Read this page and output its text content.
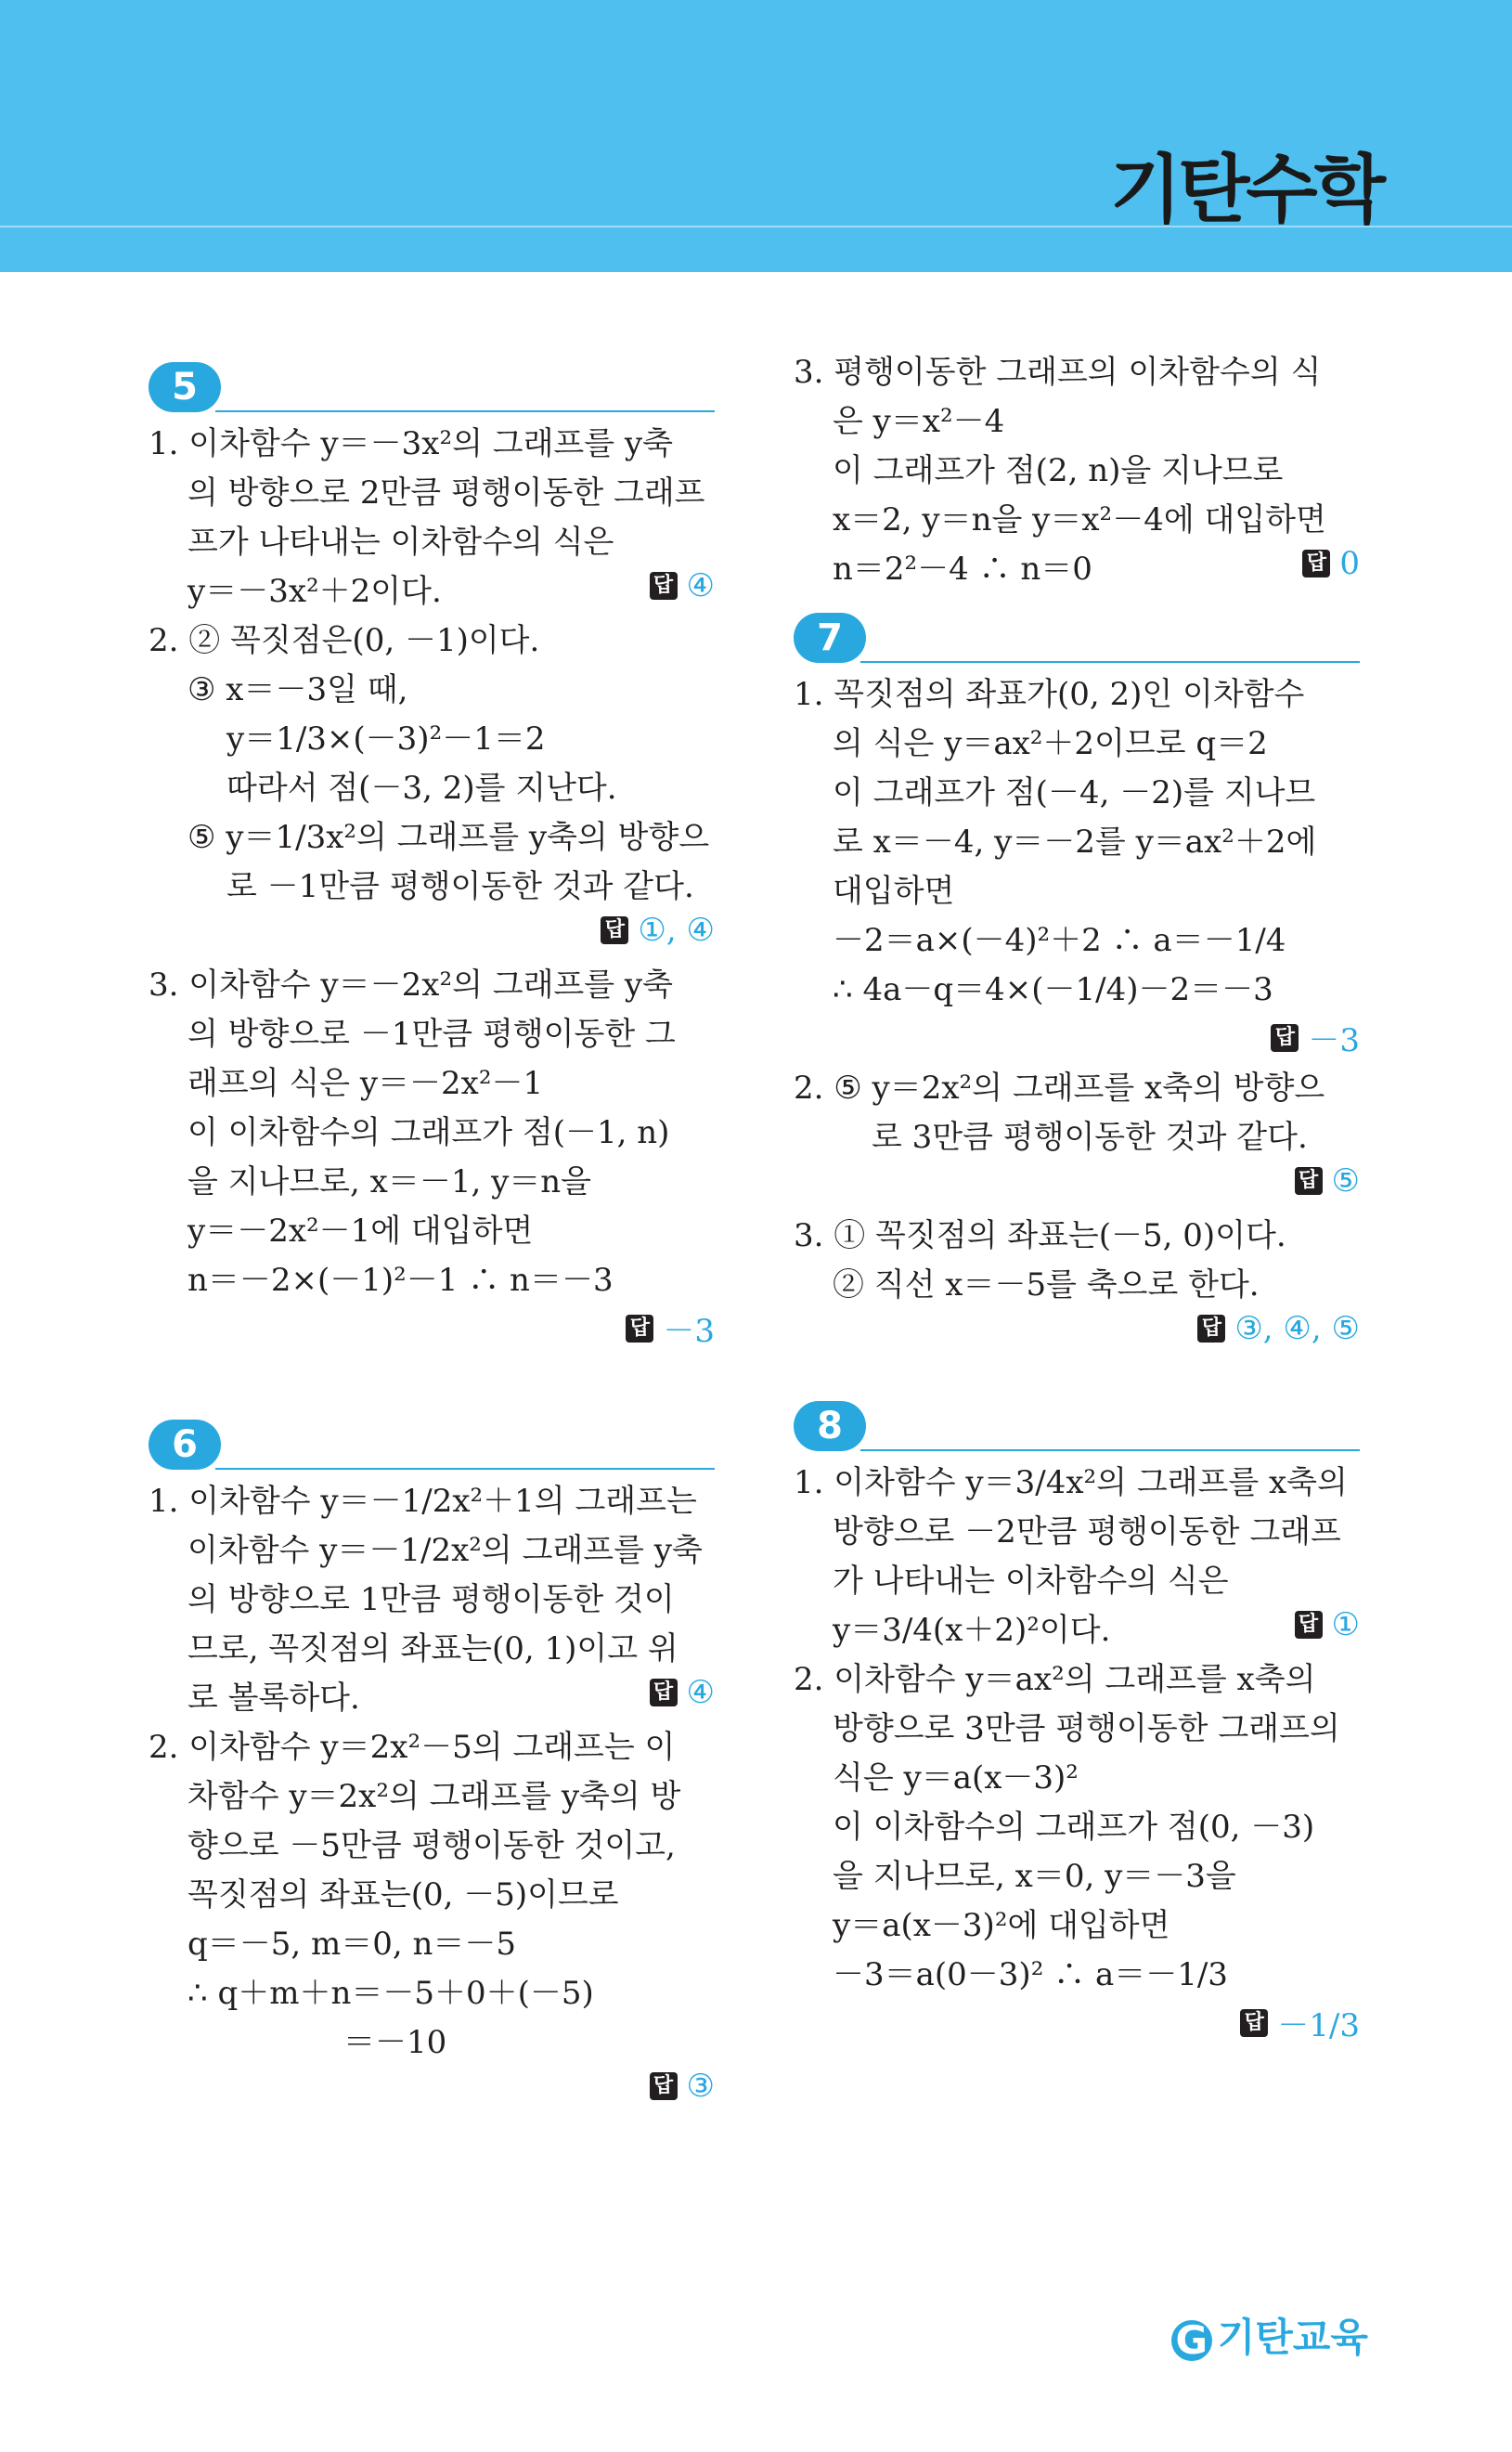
기탄수학
5
1. 이차함수 y＝－3x²의 그래프를 y축
의 방향으로 2만큼 평행이동한 그래프
프가 나타내는 이차함수의 식은
y＝－3x²＋2이다.	답 ④
2. ② 꼭짓점은(0, －1)이다.
③ x＝－3일 때,
y＝1/3×(－3)²－1＝2
따라서 점(－3, 2)를 지난다.
⑤ y＝1/3x²의 그래프를 y축의 방향으
로 －1만큼 평행이동한 것과 같다.
답 ①, ④
3. 이차함수 y＝－2x²의 그래프를 y축
의 방향으로 －1만큼 평행이동한 그
래프의 식은 y＝－2x²－1
이 이차함수의 그래프가 점(－1, n)
을 지나므로, x＝－1, y＝n을
y＝－2x²－1에 대입하면
n＝－2×(－1)²－1 ∴ n＝－3
답 －3
6
1. 이차함수 y＝－1/2x²＋1의 그래프는
이차함수 y＝－1/2x²의 그래프를 y축
의 방향으로 1만큼 평행이동한 것이
므로, 꼭짓점의 좌표는(0, 1)이고 위
로 볼록하다.	답 ④
2. 이차함수 y＝2x²－5의 그래프는 이
차함수 y＝2x²의 그래프를 y축의 방
향으로 －5만큼 평행이동한 것이고,
꼭짓점의 좌표는(0, －5)이므로
q＝－5, m＝0, n＝－5
∴ q＋m＋n＝－5＋0＋(－5)
＝－10
답 ③
3. 평행이동한 그래프의 이차함수의 식
은 y＝x²－4
이 그래프가 점(2, n)을 지나므로
x＝2, y＝n을 y＝x²－4에 대입하면
n＝2²－4 ∴ n＝0	답 0
7
1. 꼭짓점의 좌표가(0, 2)인 이차함수
의 식은 y＝ax²＋2이므로 q＝2
이 그래프가 점(－4, －2)를 지나므
로 x＝－4, y＝－2를 y＝ax²＋2에
대입하면
－2＝a×(－4)²＋2 ∴ a＝－1/4
∴ 4a－q＝4×(－1/4)－2＝－3
답 －3
2. ⑤ y＝2x²의 그래프를 x축의 방향으
로 3만큼 평행이동한 것과 같다.
답 ⑤
3. ① 꼭짓점의 좌표는(－5, 0)이다.
② 직선 x＝－5를 축으로 한다.
답 ③, ④, ⑤
8
1. 이차함수 y＝3/4x²의 그래프를 x축의
방향으로 －2만큼 평행이동한 그래프
가 나타내는 이차함수의 식은
y＝3/4(x＋2)²이다.	답 ①
2. 이차함수 y＝ax²의 그래프를 x축의
방향으로 3만큼 평행이동한 그래프의
식은 y＝a(x－3)²
이 이차함수의 그래프가 점(0, －3)
을 지나므로, x＝0, y＝－3을
y＝a(x－3)²에 대입하면
－3＝a(0－3)² ∴ a＝－1/3
답 －1/3
G 기탄교육
